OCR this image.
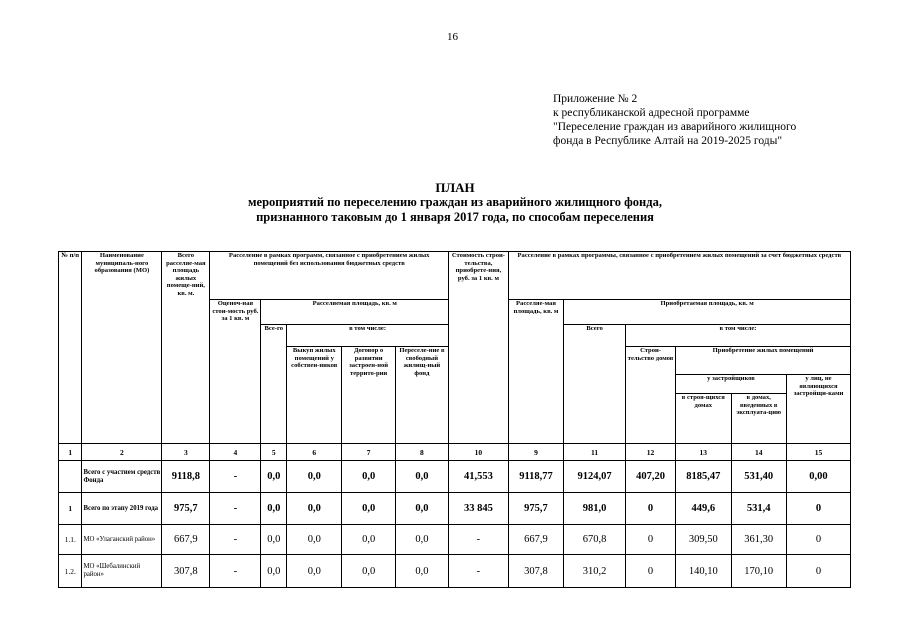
16
Приложение № 2
к республиканской адресной программе
"Переселение граждан из аварийного жилищного
фонда в Республике Алтай на 2019-2025 годы"
ПЛАН
мероприятий по переселению граждан из аварийного жилищного фонда,
признанного таковым до 1 января 2017 года, по способам переселения
№ п/п	Наименование муниципаль-ного образования (МО)	Всего расселяе-мая площадь жилых помеще-ний, кв. м.	Расселение в рамках программ, связанное с приобретением жилых помещений без использования бюджетных средств					Стоимость строи-тельства, приобрете-ния, руб. за 1 кв. м	Расселение в рамках программы, связанное с приобретением жилых помещений за счет бюджетных средств					
			Оценоч-ная стои-мость руб. за 1 кв. м	Расселяемая площадь, кв. м					Расселяе-мая площадь, кв. м	Приобретаемая площадь, кв. м				
				Все-го	в том числе:					Всего	в том числе:			
					Выкуп жилых помещений у собствен-ников	Договор о развитии застроен-ной террито-рии	Переселе-ние в свободный жилищ-ный фонд				Строи-тельство домов	Приобретение жилых помещений		
												у застройщиков		у лиц, не являющихся застройщи-ками
												в строя-щихся домах	в домах, введенных в эксплуата-цию	

1	2	3	4	5	6	7	8	10	9	11	12	13	14	15
	Всего с участием средств Фонда	9118,8	-	0,0	0,0	0,0	0,0	41,553	9118,77	9124,07	407,20	8185,47	531,40	0,00
1	Всего по этапу 2019 года	975,7	-	0,0	0,0	0,0	0,0	33 845	975,7	981,0	0	449,6	531,4	0
1.1.	МО «Улаганский район»	667,9	-	0,0	0,0	0,0	0,0	-	667,9	670,8	0	309,50	361,30	0
1.2.	МО «Шебалинский район»	307,8	-	0,0	0,0	0,0	0,0	-	307,8	310,2	0	140,10	170,10	0
